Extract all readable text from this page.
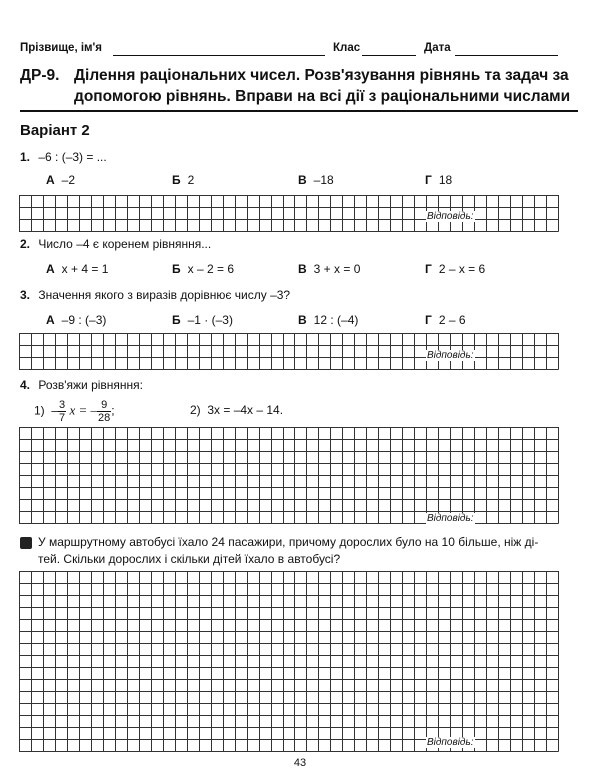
Прізвище, ім'я	Клас	Дата
ДР-9. Ділення раціональних чисел. Розв'язування рівнянь та задач за
допомогою рівнянь. Вправи на всі дії з раціональними числами
Варіант 2
1. –6 : (–3) = ...
А –2	Б 2	В –18	Г 18
2. Число –4 є коренем рівняння...
А x + 4 = 1	Б x – 2 = 6	В 3 + x = 0	Г 2 – x = 6
3. Значення якого з виразів дорівнює числу –3?
А –9 : (–3)	Б –1 · (–3)	В 12 : (–4)	Г 2 – 6
4. Розв'яжи рівняння:
$1) - \frac{3}{7}$ x = – $\frac{9}{28}$ ;	2) 3x = –4x – 14.
У маршрутному автобусі їхало 24 пасажири, причому дорослих було на 10 більше, ніж ді-
тей. Скільки дорослих і скільки дітей їхало в автобусі?
Відповідь:
Відповідь:
Відповідь:
Відповідь:
43
